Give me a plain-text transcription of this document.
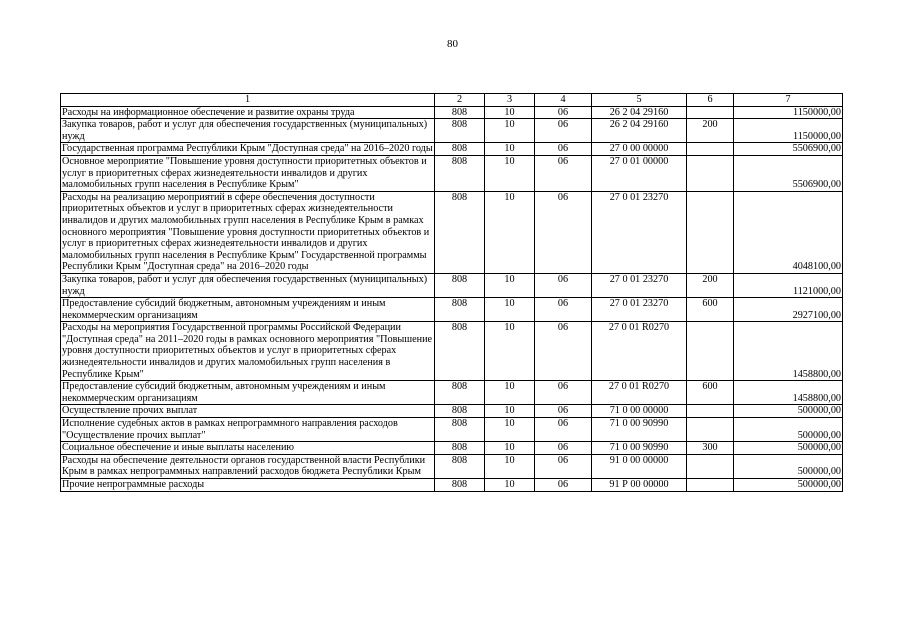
80
1	2	3	4	5	6	7
Расходы на информационное обеспечение и развитие охраны труда	808	10	06	26 2 04 29160		1150000,00
Закупка товаров, работ и услуг для обеспечения государственных (муниципальных) нужд	808	10	06	26 2 04 29160	200	1150000,00
Государственная программа Республики Крым "Доступная среда" на 2016–2020 годы	808	10	06	27 0 00 00000		5506900,00
Основное мероприятие "Повышение уровня доступности приоритетных объектов и услуг в приоритетных сферах жизнедеятельности инвалидов и других маломобильных групп населения в Республике Крым"	808	10	06	27 0 01 00000		5506900,00
Расходы на реализацию мероприятий в сфере обеспечения доступности приоритетных объектов и услуг в приоритетных сферах жизнедеятельности инвалидов и других маломобильных групп населения в Республике Крым в рамках основного мероприятия "Повышение уровня доступности приоритетных объектов и услуг в приоритетных сферах жизнедеятельности инвалидов и других маломобильных групп населения в Республике Крым" Государственной программы Республики Крым "Доступная среда" на 2016–2020 годы	808	10	06	27 0 01 23270		4048100,00
Закупка товаров, работ и услуг для обеспечения государственных (муниципальных) нужд	808	10	06	27 0 01 23270	200	1121000,00
Предоставление субсидий бюджетным, автономным учреждениям и иным некоммерческим организациям	808	10	06	27 0 01 23270	600	2927100,00
Расходы на мероприятия Государственной программы Российской Федерации "Доступная среда" на 2011–2020 годы в рамках основного мероприятия "Повышение уровня доступности приоритетных объектов и услуг в приоритетных сферах жизнедеятельности инвалидов и других маломобильных групп населения в Республике Крым"	808	10	06	27 0 01 R0270		1458800,00
Предоставление субсидий бюджетным, автономным учреждениям и иным некоммерческим организациям	808	10	06	27 0 01 R0270	600	1458800,00
Осуществление прочих выплат	808	10	06	71 0 00 00000		500000,00
Исполнение судебных актов в рамках непрограммного направления расходов "Осуществление прочих выплат"	808	10	06	71 0 00 90990		500000,00
Социальное обеспечение и иные выплаты населению	808	10	06	71 0 00 90990	300	500000,00
Расходы на обеспечение деятельности органов государственной власти Республики Крым в рамках непрограммных направлений расходов бюджета Республики Крым	808	10	06	91 0 00 00000		500000,00
Прочие непрограммные расходы	808	10	06	91 Р 00 00000		500000,00
